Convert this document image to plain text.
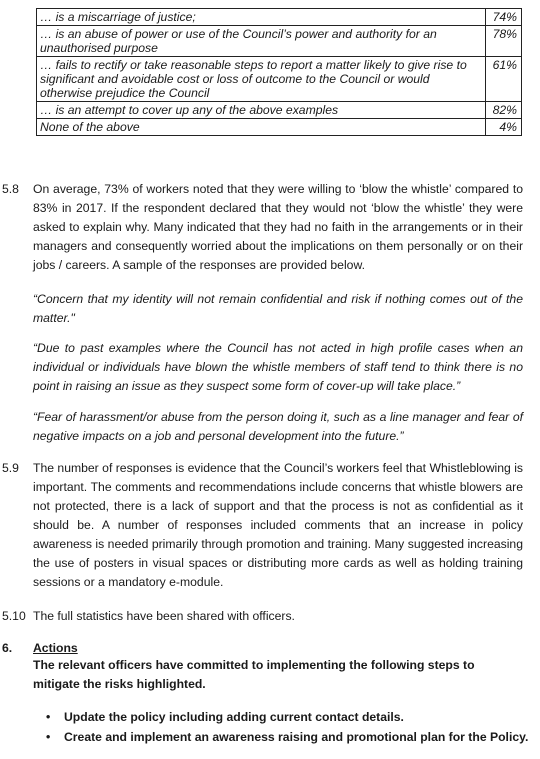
… is a miscarriage of justice;	74%
… is an abuse of power or use of the Council’s power and authority for an unauthorised purpose	78%
… fails to rectify or take reasonable steps to report a matter likely to give rise to significant and avoidable cost or loss of outcome to the Council or would otherwise prejudice the Council	61%
… is an attempt to cover up any of the above examples	82%
None of the above	4%
5.8 On average, 73% of workers noted that they were willing to ‘blow the whistle’ compared to 83% in 2017. If the respondent declared that they would not ‘blow the whistle’ they were asked to explain why. Many indicated that they had no faith in the arrangements or in their managers and consequently worried about the implications on them personally or on their jobs / careers. A sample of the responses are provided below.

“Concern that my identity will not remain confidential and risk if nothing comes out of the matter."

“Due to past examples where the Council has not acted in high profile cases when an individual or individuals have blown the whistle members of staff tend to think there is no point in raising an issue as they suspect some form of cover-up will take place.”

“Fear of harassment/or abuse from the person doing it, such as a line manager and fear of negative impacts on a job and personal development into the future.”

5.9 The number of responses is evidence that the Council’s workers feel that Whistleblowing is important. The comments and recommendations include concerns that whistle blowers are not protected, there is a lack of support and that the process is not as confidential as it should be. A number of responses included comments that an increase in policy awareness is needed primarily through promotion and training. Many suggested increasing the use of posters in visual spaces or distributing more cards as well as holding training sessions or a mandatory e-module.

5.10 The full statistics have been shared with officers.

6. Actions

The relevant officers have committed to implementing the following steps to mitigate the risks highlighted.

• Update the policy including adding current contact details.
• Create and implement an awareness raising and promotional plan for the Policy.
